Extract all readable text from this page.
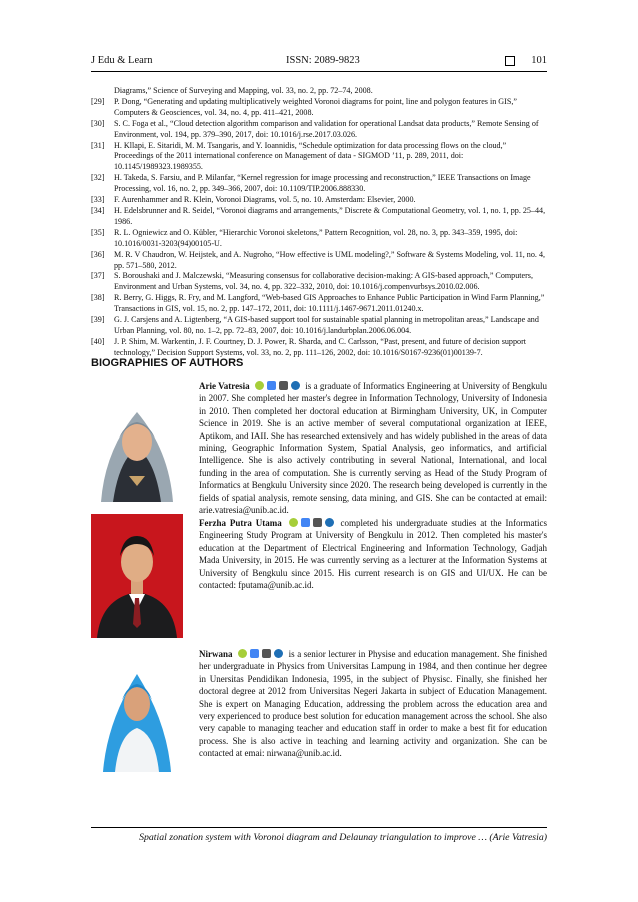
J Edu & Learn	ISSN: 2089-9823	101
Diagrams,” Science of Surveying and Mapping, vol. 33, no. 2, pp. 72–74, 2008.
[29] P. Dong, “Generating and updating multiplicatively weighted Voronoi diagrams for point, line and polygon features in GIS,” Computers & Geosciences, vol. 34, no. 4, pp. 411–421, 2008.
[30] S. C. Foga et al., “Cloud detection algorithm comparison and validation for operational Landsat data products,” Remote Sensing of Environment, vol. 194, pp. 379–390, 2017, doi: 10.1016/j.rse.2017.03.026.
[31] H. Kllapi, E. Sitaridi, M. M. Tsangaris, and Y. Ioannidis, “Schedule optimization for data processing flows on the cloud,” Proceedings of the 2011 international conference on Management of data - SIGMOD ’11, p. 289, 2011, doi: 10.1145/1989323.1989355.
[32] H. Takeda, S. Farsiu, and P. Milanfar, “Kernel regression for image processing and reconstruction,” IEEE Transactions on Image Processing, vol. 16, no. 2, pp. 349–366, 2007, doi: 10.1109/TIP.2006.888330.
[33] F. Aurenhammer and R. Klein, Voronoi Diagrams, vol. 5, no. 10. Amsterdam: Elsevier, 2000.
[34] H. Edelsbrunner and R. Seidel, “Voronoi diagrams and arrangements,” Discrete & Computational Geometry, vol. 1, no. 1, pp. 25–44, 1986.
[35] R. L. Ogniewicz and O. Kübler, “Hierarchic Voronoi skeletons,” Pattern Recognition, vol. 28, no. 3, pp. 343–359, 1995, doi: 10.1016/0031-3203(94)00105-U.
[36] M. R. V Chaudron, W. Heijstek, and A. Nugroho, “How effective is UML modeling?,” Software & Systems Modeling, vol. 11, no. 4, pp. 571–580, 2012.
[37] S. Boroushaki and J. Malczewski, “Measuring consensus for collaborative decision-making: A GIS-based approach,” Computers, Environment and Urban Systems, vol. 34, no. 4, pp. 322–332, 2010, doi: 10.1016/j.compenvurbsys.2010.02.006.
[38] R. Berry, G. Higgs, R. Fry, and M. Langford, “Web-based GIS Approaches to Enhance Public Participation in Wind Farm Planning,” Transactions in GIS, vol. 15, no. 2, pp. 147–172, 2011, doi: 10.1111/j.1467-9671.2011.01240.x.
[39] G. J. Carsjens and A. Ligtenberg, “A GIS-based support tool for sustainable spatial planning in metropolitan areas,” Landscape and Urban Planning, vol. 80, no. 1–2, pp. 72–83, 2007, doi: 10.1016/j.landurbplan.2006.06.004.
[40] J. P. Shim, M. Warkentin, J. F. Courtney, D. J. Power, R. Sharda, and C. Carlsson, “Past, present, and future of decision support technology,” Decision Support Systems, vol. 33, no. 2, pp. 111–126, 2002, doi: 10.1016/S0167-9236(01)00139-7.
BIOGRAPHIES OF AUTHORS
Arie Vatresia	is a graduate of Informatics Engineering at University of Bengkulu in 2007. She completed her master's degree in Information Technology, University of Indonesia in 2010. Then completed her doctoral education at Birmingham University, UK, in Computer Science in 2019. She is an active member of several computational organization at IEEE, Aptikom, and IAII. She has researched extensively and has widely published in the areas of data mining, Geographic Information System, Spatial Analysis, geo informatics, and artificial Intelligence. She is also actively contributing in several National, International, and local funding in the area of computation. She is currently serving as Head of the Study Program of Informatics at Bengkulu University since 2020. The research being developed is currently in the fields of spatial analysis, remote sensing, data mining, and GIS. She can be contacted at email: arie.vatresia@unib.ac.id.
Ferzha Putra Utama	completed his undergraduate studies at the Informatics Engineering Study Program at University of Bengkulu in 2012. Then completed his master's education at the Department of Electrical Engineering and Information Technology, Gadjah Mada University, in 2015. He was currently serving as a lecturer at the Information Systems at University of Bengkulu since 2015. His current research is on GIS and UI/UX. He can be contacted: fputama@unib.ac.id.
Nirwana	is a senior lecturer in Physise and education management. She finished her undergraduate in Physics from Universitas Lampung in 1984, and then continue her degree in Unersitas Pendidikan Indonesia, 1995, in the subject of Physisc. Finally, she finished her doctoral degree at 2012 from Universitas Negeri Jakarta in subject of Education Management. She is expert on Managing Education, addressing the problem across the education area and very experienced to produce best solution for education management across the school. She also very capable to managing teacher and education staff in order to make a best fit for education process. She is also active in teaching and learning activity and organization. She can be contacted at emai: nirwana@unib.ac.id.
Spatial zonation system with Voronoi diagram and Delaunay triangulation to improve … (Arie Vatresia)
